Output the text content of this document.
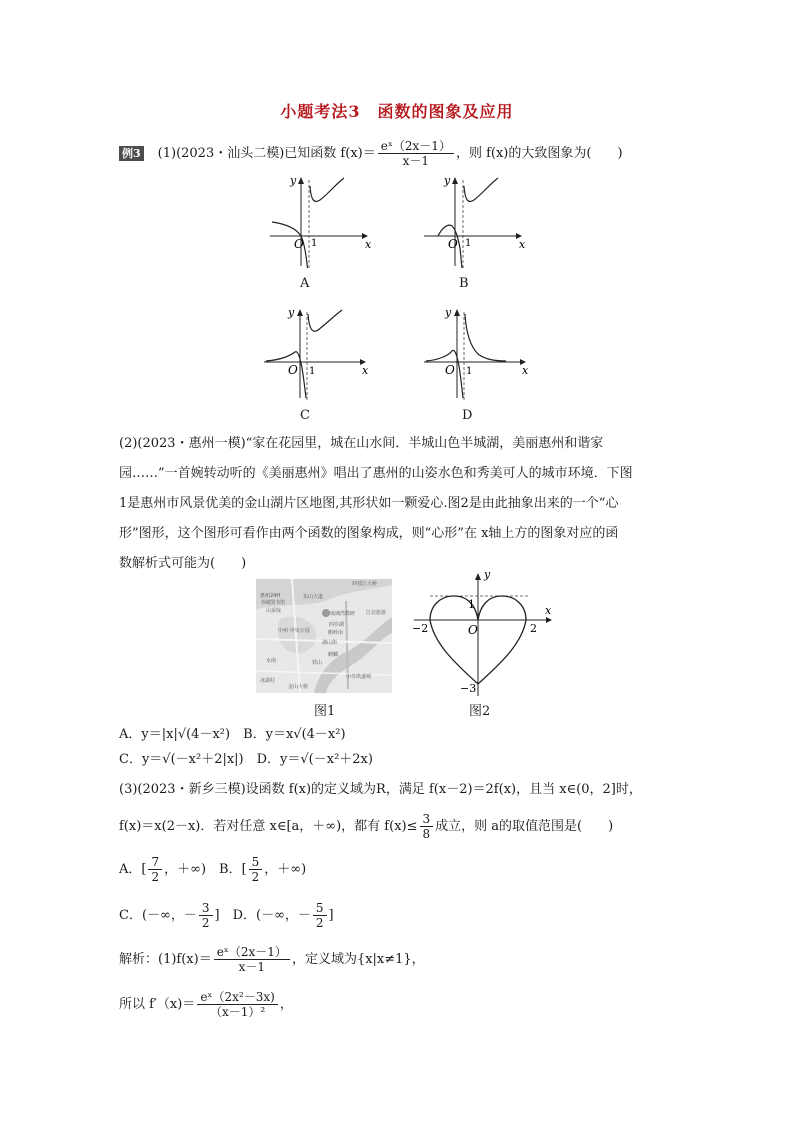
小题考法3　函数的图象及应用
例3 (1)(2023・汕头二模)已知函数 $f(x)= \frac{\text{eˣ（2x－1）}}{x-1}$ ，则 f(x)的大致图象为(　　)
O 1	x
y
A
O 1	x
y
B
O 1	x
y
C
O 1	x
y
D
(2)(2023・惠州一模)“家在花园里，城在山水间．半城山色半城湖，美丽惠州和谐家
园……”一首婉转动听的《美丽惠州》唱出了惠州的山姿水色和秀美可人的城市环境．下图
1是惠州市风景优美的金山湖片区地图,其形状如一颗爱心.图2是由此抽象出来的一个“心
形”图形，这个图形可看作由两个函数的图象构成，则“心形”在 x轴上方的图象对应的函
数解析式可能为(　　)
西枝江大桥
惠州24H
书城图书馆
山采线
东山大道
琉璃湾教研
四岁湖
鹅岭南
中州 中央公园
湖山街
麒麟
江北旅游
水南	铁山
中苏凯盛城
冰湖村
金山大桥
图1
y
x
O
1
−2	2
−3
图2
A．y＝|x|√(4－x²)　B．y＝x√(4－x²)
C．y＝√(－x²＋2|x|)　D．y＝√(－x²＋2x)
(3)(2023・新乡三模)设函数 f(x)的定义域为R，满足 f(x－2)＝2f(x)，且当 x∈(0，2]时，
f(x)＝x(2－x)．若对任意 x∈[a，＋∞)，都有 $f(x)\le \frac{3}{8}$ 成立，则 a的取值范围是(　　)
A．[ $\frac{7}{2}$ ，＋∞)　B．[ $\frac{5}{2}$ ，＋∞)
C．(－∞，－ $\frac{3}{2}$ ]　D．(－∞，－ $\frac{5}{2}$ ]
解析：$(1)f(x)= \frac{\text{eˣ（2x－1）}}{x-1}$ ，定义域为{x|x≠1}，
所以 $f'(x)= \frac{\text{eˣ（2x²－3x)}}{\text{（x－1）²}}$ ，
